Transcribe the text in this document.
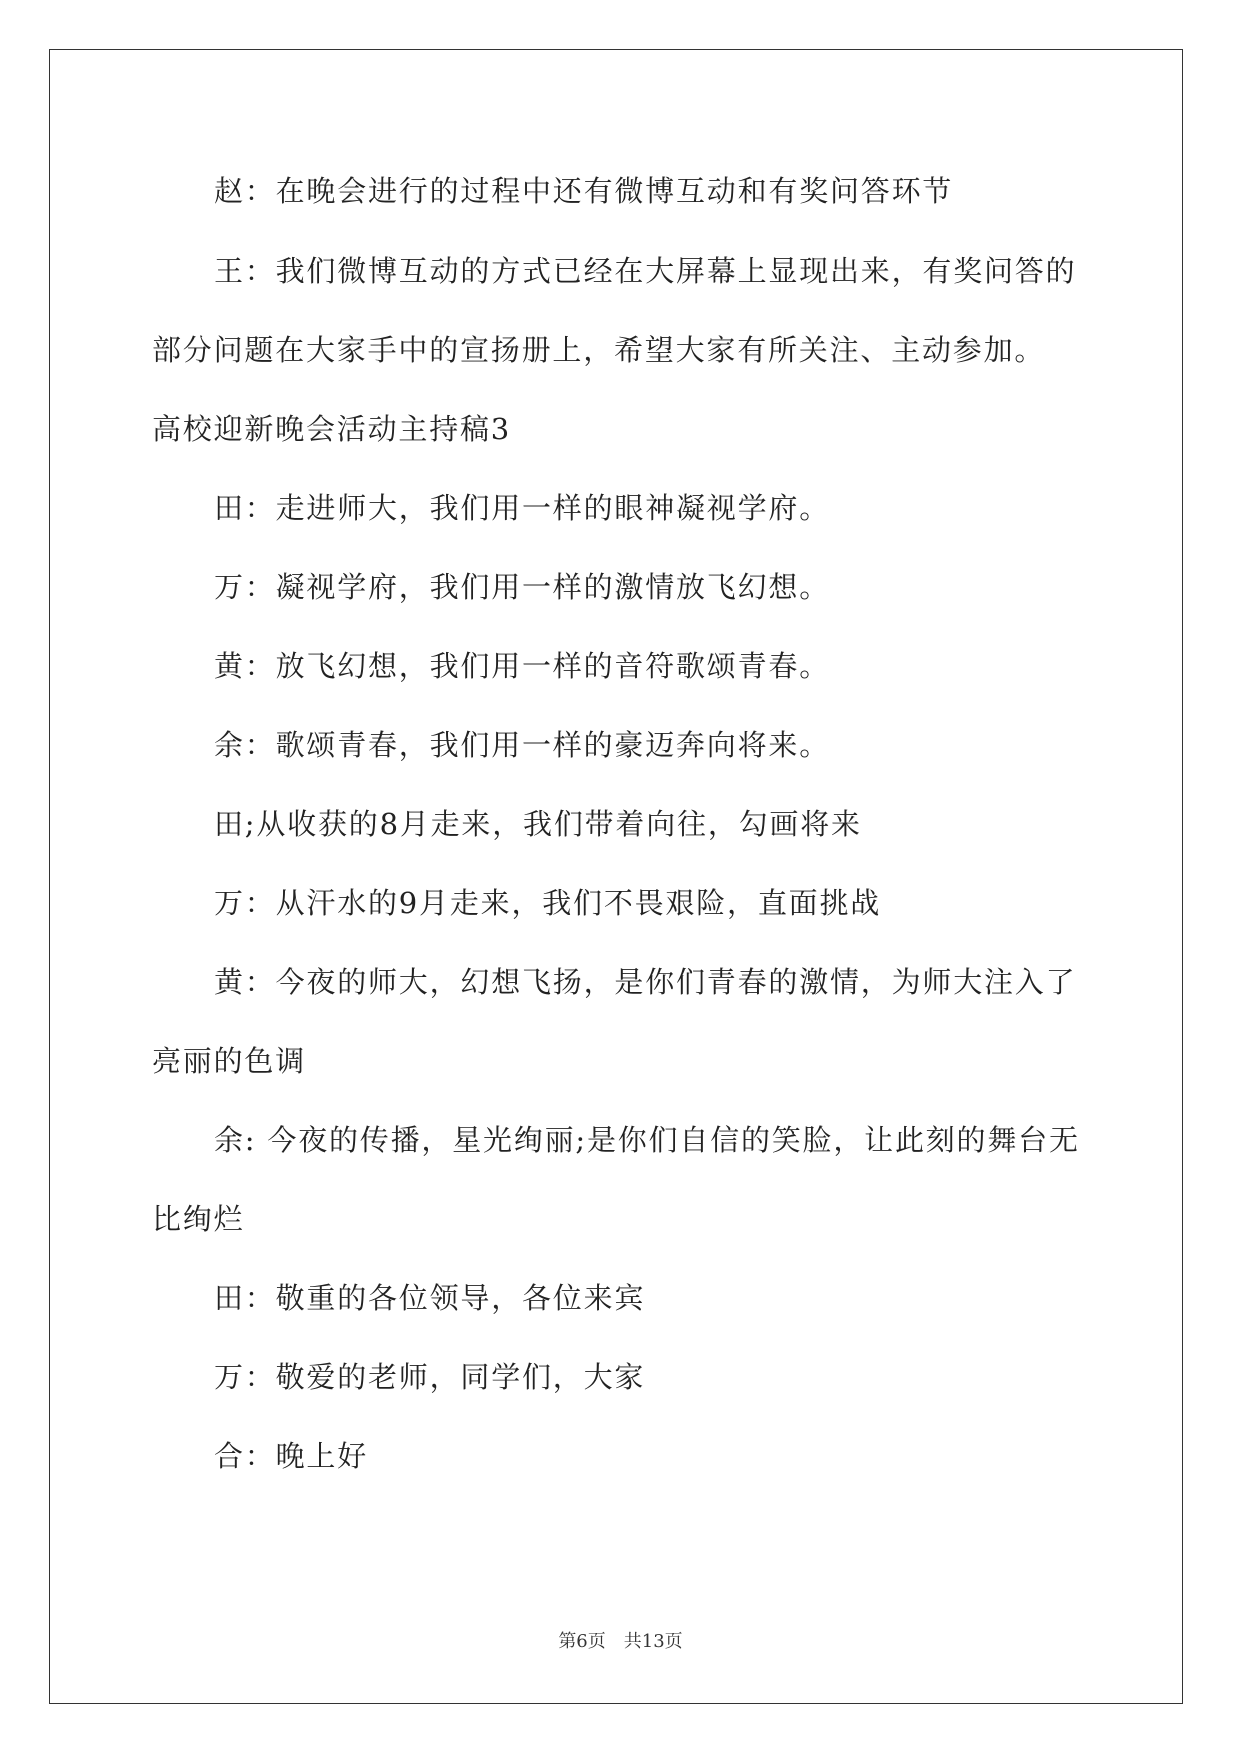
赵：在晚会进行的过程中还有微博互动和有奖问答环节
王：我们微博互动的方式已经在大屏幕上显现出来，有奖问答的
部分问题在大家手中的宣扬册上，希望大家有所关注、主动参加。
高校迎新晚会活动主持稿3
田：走进师大，我们用一样的眼神凝视学府。
万：凝视学府，我们用一样的激情放飞幻想。
黄：放飞幻想，我们用一样的音符歌颂青春。
余：歌颂青春，我们用一样的豪迈奔向将来。
田;从收获的8月走来，我们带着向往，勾画将来
万：从汗水的9月走来，我们不畏艰险，直面挑战
黄：今夜的师大，幻想飞扬，是你们青春的激情，为师大注入了
亮丽的色调
余: 今夜的传播，星光绚丽;是你们自信的笑脸，让此刻的舞台无
比绚烂
田：敬重的各位领导，各位来宾
万：敬爱的老师，同学们，大家
合：晚上好
第6页　共13页
